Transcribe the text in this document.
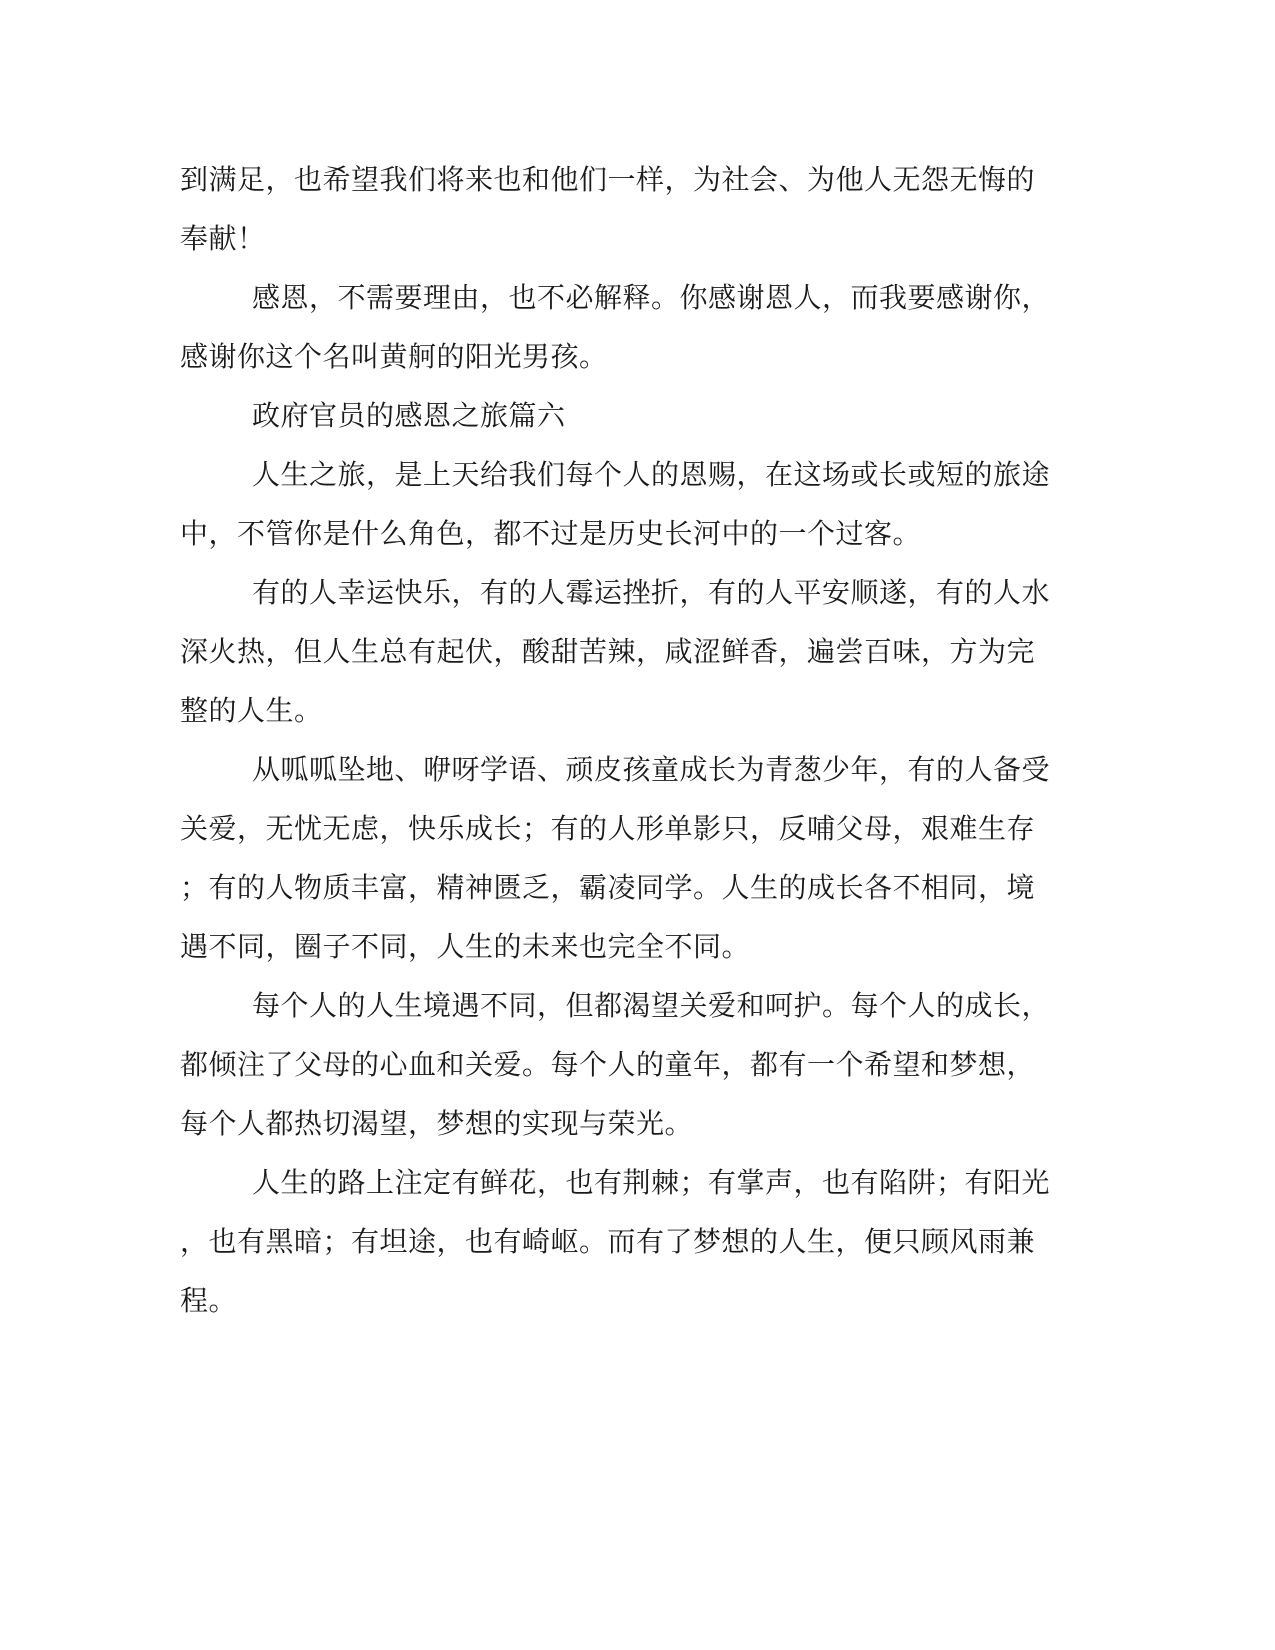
到满足，也希望我们将来也和他们一样，为社会、为他人无怨无悔的
奉献！
感恩，不需要理由，也不必解释。你感谢恩人，而我要感谢你，
感谢你这个名叫黄舸的阳光男孩。
政府官员的感恩之旅篇六
人生之旅，是上天给我们每个人的恩赐，在这场或长或短的旅途
中，不管你是什么角色，都不过是历史长河中的一个过客。
有的人幸运快乐，有的人霉运挫折，有的人平安顺遂，有的人水
深火热，但人生总有起伏，酸甜苦辣，咸涩鲜香，遍尝百味，方为完
整的人生。
从呱呱坠地、咿呀学语、顽皮孩童成长为青葱少年，有的人备受
关爱，无忧无虑，快乐成长；有的人形单影只，反哺父母，艰难生存
；有的人物质丰富，精神匮乏，霸凌同学。人生的成长各不相同，境
遇不同，圈子不同，人生的未来也完全不同。
每个人的人生境遇不同，但都渴望关爱和呵护。每个人的成长，
都倾注了父母的心血和关爱。每个人的童年，都有一个希望和梦想，
每个人都热切渴望，梦想的实现与荣光。
人生的路上注定有鲜花，也有荆棘；有掌声，也有陷阱；有阳光
，也有黑暗；有坦途，也有崎岖。而有了梦想的人生，便只顾风雨兼
程。
